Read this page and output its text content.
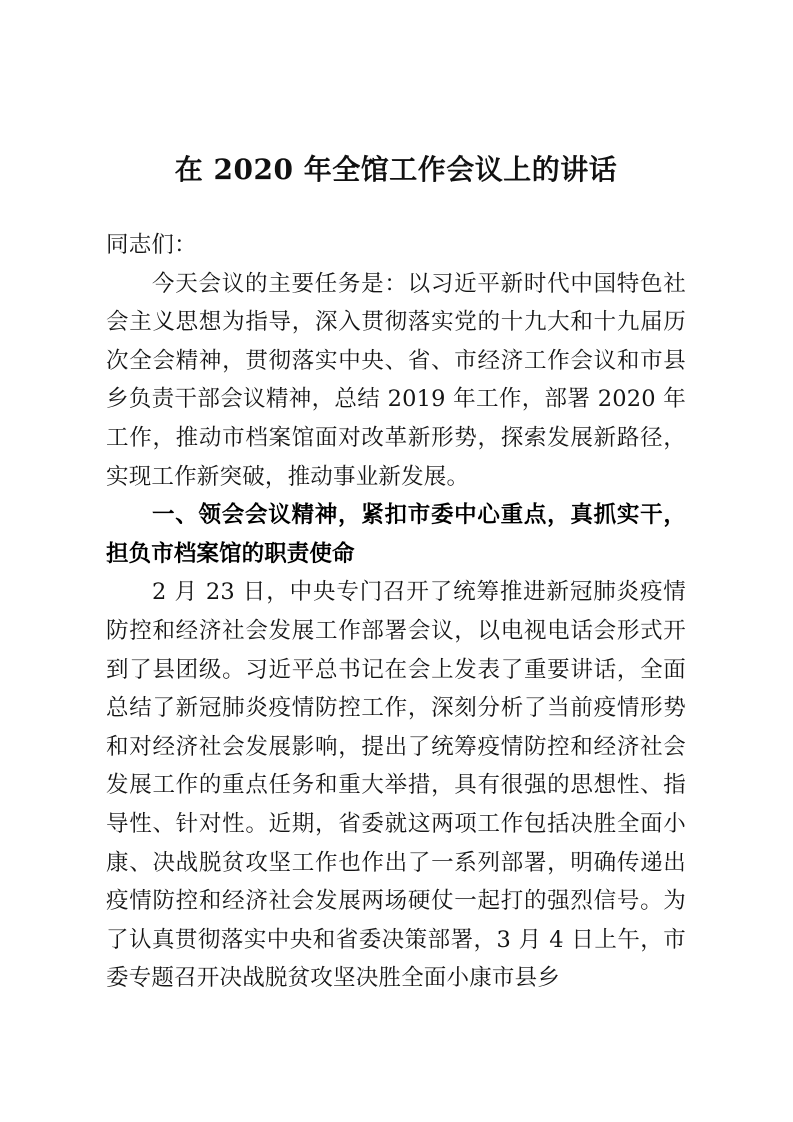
在 2020 年全馆工作会议上的讲话

同志们：

今天会议的主要任务是：以习近平新时代中国特色社会主义思想为指导，深入贯彻落实党的十九大和十九届历次全会精神，贯彻落实中央、省、市经济工作会议和市县乡负责干部会议精神，总结 2019 年工作，部署 2020 年工作，推动市档案馆面对改革新形势，探索发展新路径，实现工作新突破，推动事业新发展。

一、领会会议精神，紧扣市委中心重点，真抓实干，担负市档案馆的职责使命

2 月 23 日，中央专门召开了统筹推进新冠肺炎疫情防控和经济社会发展工作部署会议，以电视电话会形式开到了县团级。习近平总书记在会上发表了重要讲话，全面总结了新冠肺炎疫情防控工作，深刻分析了当前疫情形势和对经济社会发展影响，提出了统筹疫情防控和经济社会发展工作的重点任务和重大举措，具有很强的思想性、指导性、针对性。近期，省委就这两项工作包括决胜全面小康、决战脱贫攻坚工作也作出了一系列部署，明确传递出疫情防控和经济社会发展两场硬仗一起打的强烈信号。为了认真贯彻落实中央和省委决策部署，3 月 4 日上午，市委专题召开决战脱贫攻坚决胜全面小康市县乡
